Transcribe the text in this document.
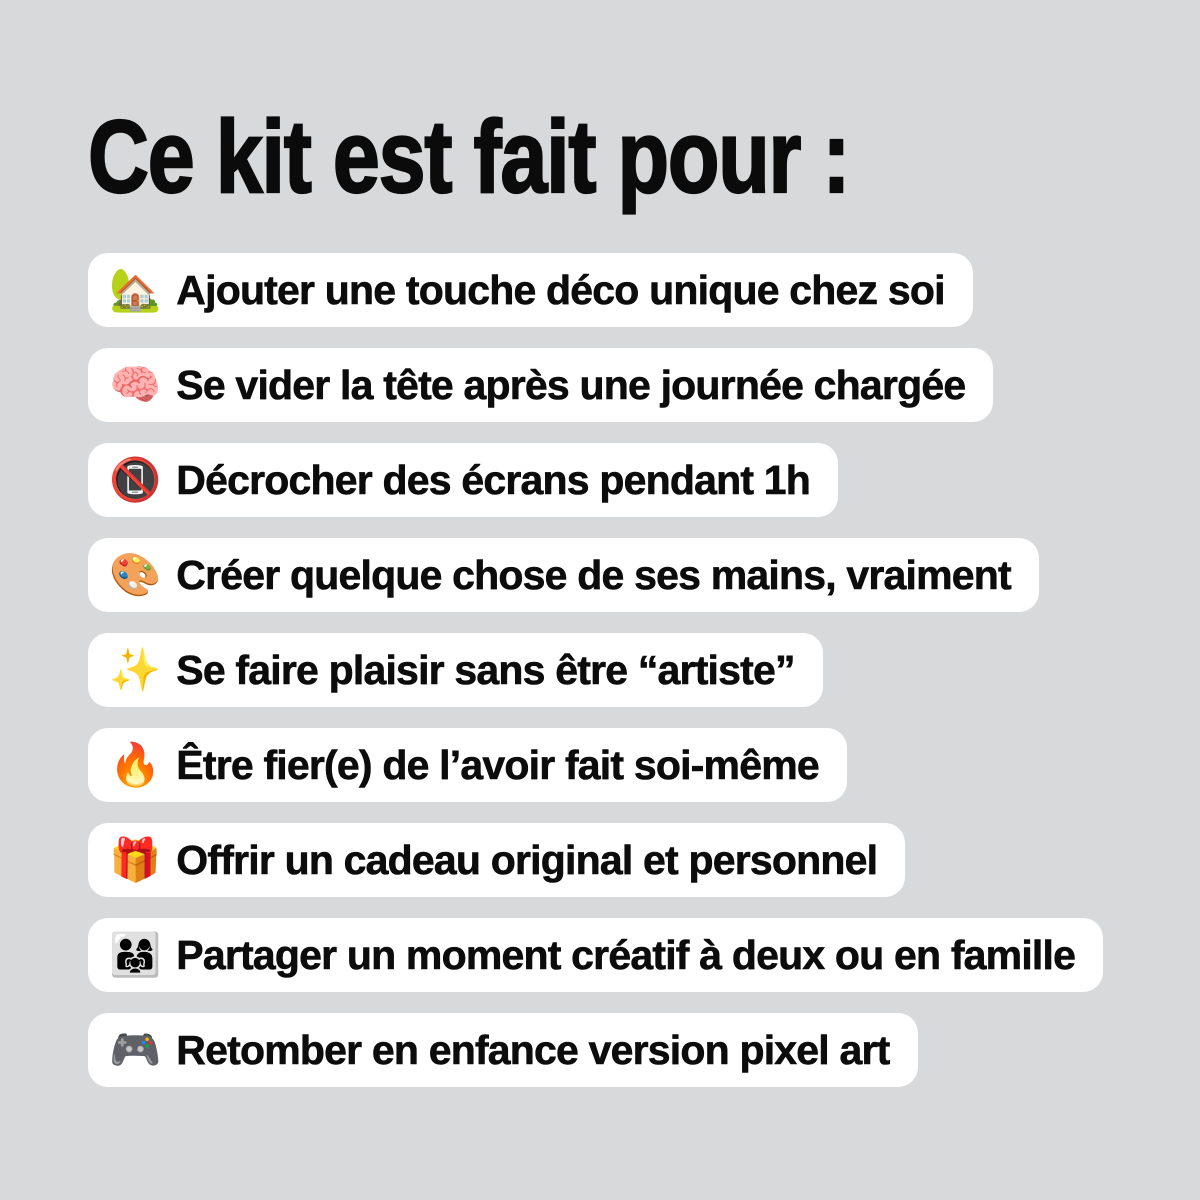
Ce kit est fait pour :
🏡 Ajouter une touche déco unique chez soi
🧠 Se vider la tête après une journée chargée
📵 Décrocher des écrans pendant 1h
🎨 Créer quelque chose de ses mains, vraiment
✨ Se faire plaisir sans être “artiste”
🔥 Être fier(e) de l’avoir fait soi-même
🎁 Offrir un cadeau original et personnel
👨‍👩‍👧 Partager un moment créatif à deux ou en famille
🎮 Retomber en enfance version pixel art
